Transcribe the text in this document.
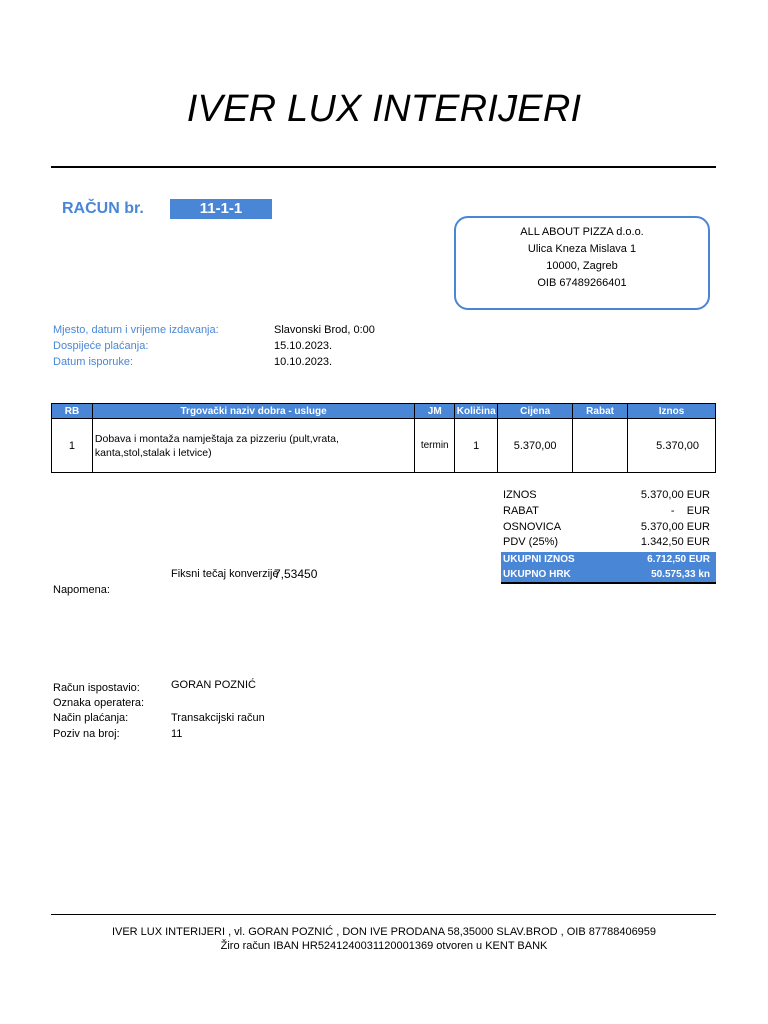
IVER LUX INTERIJERI
RAČUN br.	11-1-1
ALL ABOUT PIZZA d.o.o.
Ulica Kneza Mislava 1
10000, Zagreb
OIB 67489266401
Mjesto, datum i vrijeme izdavanja:	Slavonski Brod, 0:00
Dospijeće plaćanja:	15.10.2023.
Datum isporuke:	10.10.2023.
RB	Trgovački naziv dobra - usluge	JM	Količina	Cijena	Rabat	Iznos
1	Dobava i montaža namještaja za pizzeriu (pult,vrata, kanta,stol,stalak i letvice)	termin	1	5.370,00		5.370,00
IZNOS	5.370,00 EUR
RABAT	-    EUR
OSNOVICA	5.370,00 EUR
PDV (25%)	1.342,50 EUR
UKUPNI IZNOS	6.712,50 EUR
UKUPNO HRK	50.575,33 kn
Fiksni tečaj konverzije
7,53450
Napomena:
Račun ispostavio:	GORAN POZNIĆ
Oznaka operatera:
Način plaćanja:	Transakcijski račun
Poziv na broj:	11
IVER LUX INTERIJERI , vl. GORAN POZNIĆ , DON IVE PRODANA 58,35000 SLAV.BROD , OIB 87788406959
Žiro račun IBAN HR5241240031120001369 otvoren u KENT BANK
